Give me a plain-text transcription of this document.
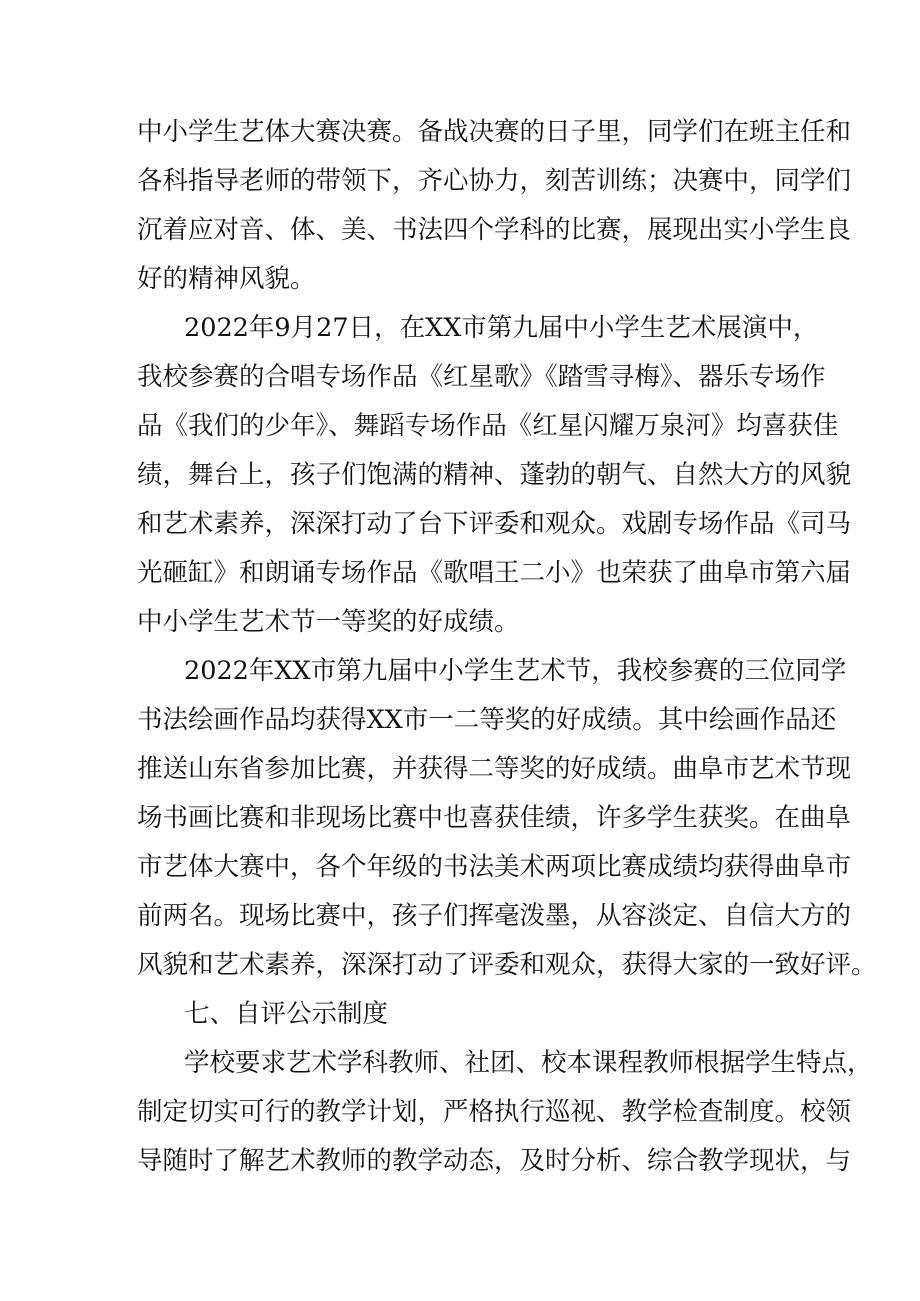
中小学生艺体大赛决赛。备战决赛的日子里，同学们在班主任和
各科指导老师的带领下，齐心协力，刻苦训练；决赛中，同学们
沉着应对音、体、美、书法四个学科的比赛，展现出实小学生良
好的精神风貌。
2022年9月27日，在XX市第九届中小学生艺术展演中，
我校参赛的合唱专场作品《红星歌》《踏雪寻梅》、器乐专场作
品《我们的少年》、舞蹈专场作品《红星闪耀万泉河》均喜获佳
绩，舞台上，孩子们饱满的精神、蓬勃的朝气、自然大方的风貌
和艺术素养，深深打动了台下评委和观众。戏剧专场作品《司马
光砸缸》和朗诵专场作品《歌唱王二小》也荣获了曲阜市第六届
中小学生艺术节一等奖的好成绩。
2022年XX市第九届中小学生艺术节，我校参赛的三位同学
书法绘画作品均获得XX市一二等奖的好成绩。其中绘画作品还
推送山东省参加比赛，并获得二等奖的好成绩。曲阜市艺术节现
场书画比赛和非现场比赛中也喜获佳绩，许多学生获奖。在曲阜
市艺体大赛中，各个年级的书法美术两项比赛成绩均获得曲阜市
前两名。现场比赛中，孩子们挥毫泼墨，从容淡定、自信大方的
风貌和艺术素养，深深打动了评委和观众，获得大家的一致好评。
七、自评公示制度
学校要求艺术学科教师、社团、校本课程教师根据学生特点，
制定切实可行的教学计划，严格执行巡视、教学检查制度。校领
导随时了解艺术教师的教学动态，及时分析、综合教学现状，与
